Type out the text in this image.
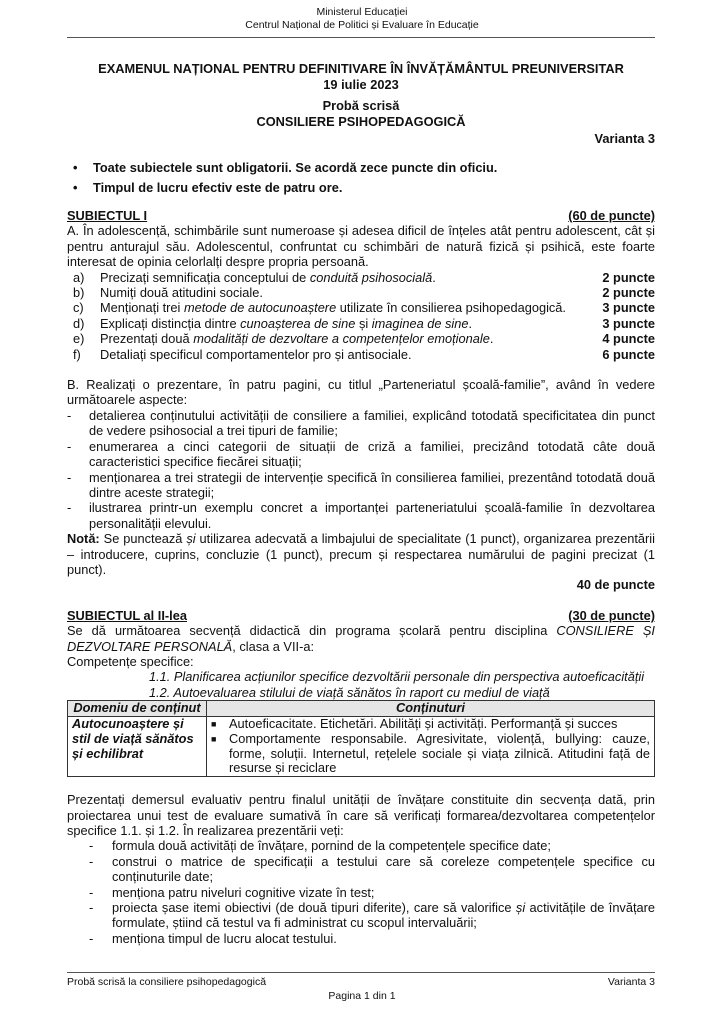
Ministerul Educației
Centrul Național de Politici și Evaluare în Educație
EXAMENUL NAȚIONAL PENTRU DEFINITIVARE ÎN ÎNVĂȚĂMÂNTUL PREUNIVERSITAR
19 iulie 2023
Probă scrisă
CONSILIERE PSIHOPEDAGOGICĂ
Varianta 3
• Toate subiectele sunt obligatorii. Se acordă zece puncte din oficiu.
• Timpul de lucru efectiv este de patru ore.
SUBIECTUL I	(60 de puncte)
A. În adolescență, schimbările sunt numeroase și adesea dificil de înțeles atât pentru adolescent, cât și pentru anturajul său. Adolescentul, confruntat cu schimbări de natură fizică și psihică, este foarte interesat de opinia celorlalți despre propria persoană.
a)	Precizați semnificația conceptului de conduită psihosocială.	2 puncte
b)	Numiți două atitudini sociale.	2 puncte
c)	Menționați trei metode de autocunoaștere utilizate în consilierea psihopedagogică.	3 puncte
d)	Explicați distincția dintre cunoașterea de sine și imaginea de sine.	3 puncte
e)	Prezentați două modalități de dezvoltare a competențelor emoționale.	4 puncte
f)	Detaliați specificul comportamentelor pro și antisociale.	6 puncte
B. Realizați o prezentare, în patru pagini, cu titlul „Parteneriatul școală-familie”, având în vedere următoarele aspecte:
-	detalierea conținutului activității de consiliere a familiei, explicând totodată specificitatea din punct de vedere psihosocial a trei tipuri de familie;
-	enumerarea a cinci categorii de situații de criză a familiei, precizând totodată câte două caracteristici specifice fiecărei situații;
-	menționarea a trei strategii de intervenție specifică în consilierea familiei, prezentând totodată două dintre aceste strategii;
-	ilustrarea printr-un exemplu concret a importanței parteneriatului școală-familie în dezvoltarea personalității elevului.
Notă: Se punctează și utilizarea adecvată a limbajului de specialitate (1 punct), organizarea prezentării – introducere, cuprins, concluzie (1 punct), precum și respectarea numărului de pagini precizat (1 punct).
40 de puncte
SUBIECTUL al II-lea	(30 de puncte)
Se dă următoarea secvență didactică din programa școlară pentru disciplina CONSILIERE ȘI DEZVOLTARE PERSONALĂ, clasa a VII-a:
Competențe specifice:
1.1. Planificarea acțiunilor specifice dezvoltării personale din perspectiva autoeficacității
1.2. Autoevaluarea stilului de viață sănătos în raport cu mediul de viață
Domeniu de conținut	Conținuturi
Autocunoaștere și stil de viață sănătos și echilibrat	■ Autoeficacitate. Etichetări. Abilități și activități. Performanță și succes
■ Comportamente responsabile. Agresivitate, violență, bullying: cauze, forme, soluții. Internetul, rețelele sociale și viața zilnică. Atitudini față de resurse și reciclare
Prezentați demersul evaluativ pentru finalul unității de învățare constituite din secvența dată, prin proiectarea unui test de evaluare sumativă în care să verificați formarea/dezvoltarea competențelor specifice 1.1. și 1.2. În realizarea prezentării veți:
-	formula două activități de învățare, pornind de la competențele specifice date;
-	construi o matrice de specificații a testului care să coreleze competențele specifice cu conținuturile date;
-	menționa patru niveluri cognitive vizate în test;
-	proiecta șase itemi obiectivi (de două tipuri diferite), care să valorifice și activitățile de învățare formulate, știind că testul va fi administrat cu scopul intervaluării;
-	menționa timpul de lucru alocat testului.
Probă scrisă la consiliere psihopedagogică	Varianta 3
Pagina 1 din 1
